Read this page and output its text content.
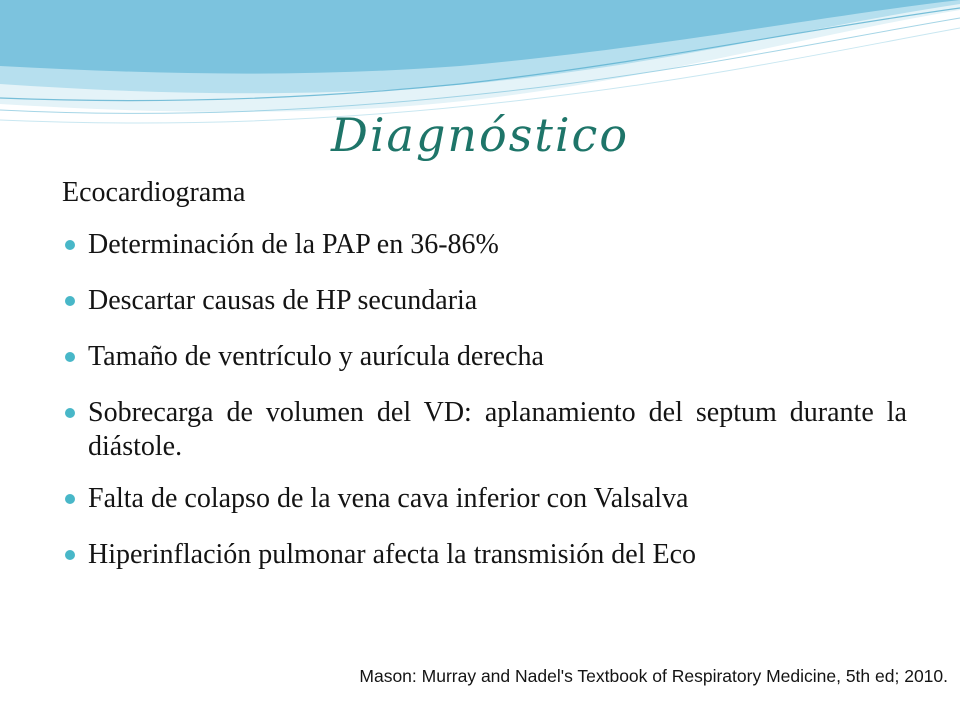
Diagnóstico

Ecocardiograma

Determinación de la PAP en 36-86%
Descartar causas de HP secundaria
Tamaño de ventrículo y aurícula derecha
Sobrecarga de volumen del VD: aplanamiento del septum durante la diástole.
Falta de colapso de la vena cava inferior con Valsalva
Hiperinflación pulmonar afecta la transmisión del Eco

Mason: Murray and Nadel's Textbook of Respiratory Medicine, 5th ed; 2010.
